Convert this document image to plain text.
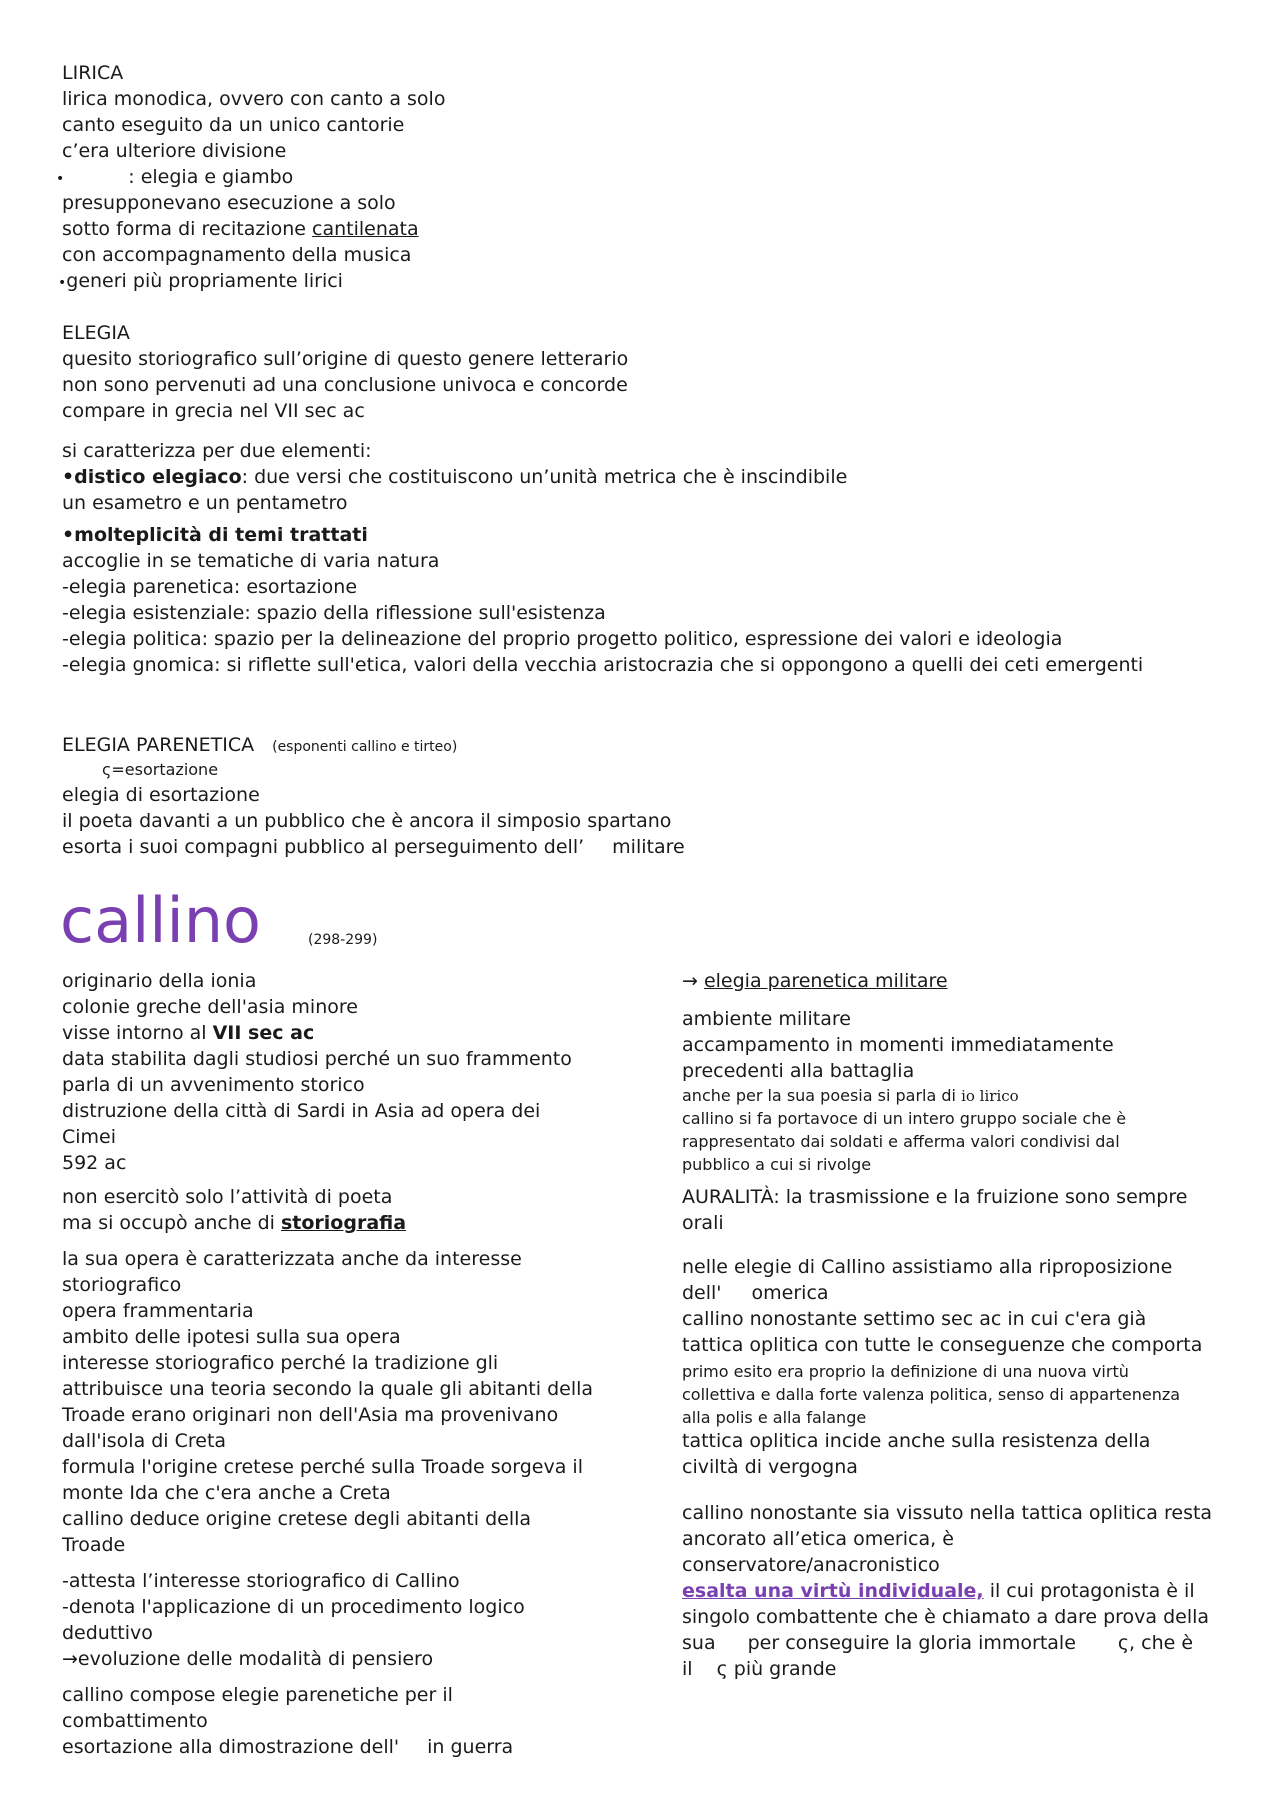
LIRICA
lirica monodica, ovvero con canto a solo
canto eseguito da un unico cantorie
c’era ulteriore divisione
•	: elegia e giambo
presupponevano esecuzione a solo
sotto forma di recitazione cantilenata
con accompagnamento della musica
•generi più propriamente lirici
ELEGIA
quesito storiografico sull’origine di questo genere letterario
non sono pervenuti ad una conclusione univoca e concorde
compare in grecia nel VII sec ac
si caratterizza per due elementi:
•distico elegiaco: due versi che costituiscono un’unità metrica che è inscindibile
un esametro e un pentametro
•molteplicità di temi trattati
accoglie in se tematiche di varia natura
-elegia parenetica: esortazione
-elegia esistenziale: spazio della riflessione sull'esistenza
-elegia politica: spazio per la delineazione del proprio progetto politico, espressione dei valori e ideologia
-elegia gnomica: si riflette sull'etica, valori della vecchia aristocrazia che si oppongono a quelli dei ceti emergenti
ELEGIA PARENETICA (esponenti callino e tirteo)
ς=esortazione
elegia di esortazione
il poeta davanti a un pubblico che è ancora il simposio spartano
esorta i suoi compagni pubblico al perseguimento dell’ militare
callino	(298-299)
originario della ionia
colonie greche dell'asia minore
visse intorno al VII sec ac
data stabilita dagli studiosi perché un suo frammento
parla di un avvenimento storico
distruzione della città di Sardi in Asia ad opera dei
Cimei
592 ac
non esercitò solo l’attività di poeta
ma si occupò anche di storiografia
la sua opera è caratterizzata anche da interesse
storiografico
opera frammentaria
ambito delle ipotesi sulla sua opera
interesse storiografico perché la tradizione gli
attribuisce una teoria secondo la quale gli abitanti della
Troade erano originari non dell'Asia ma provenivano
dall'isola di Creta
formula l'origine cretese perché sulla Troade sorgeva il
monte Ida che c'era anche a Creta
callino deduce origine cretese degli abitanti della
Troade
-attesta l’interesse storiografico di Callino
-denota l'applicazione di un procedimento logico
deduttivo
→evoluzione delle modalità di pensiero
callino compose elegie parenetiche per il
combattimento
esortazione alla dimostrazione dell' in guerra
→ elegia parenetica militare
ambiente militare
accampamento in momenti immediatamente
precedenti alla battaglia
anche per la sua poesia si parla di io lirico
callino si fa portavoce di un intero gruppo sociale che è
rappresentato dai soldati e afferma valori condivisi dal
pubblico a cui si rivolge
AURALITÀ: la trasmissione e la fruizione sono sempre
orali
nelle elegie di Callino assistiamo alla riproposizione
dell' omerica
callino nonostante settimo sec ac in cui c'era già
tattica oplitica con tutte le conseguenze che comporta
primo esito era proprio la definizione di una nuova virtù
collettiva e dalla forte valenza politica, senso di appartenenza
alla polis e alla falange
tattica oplitica incide anche sulla resistenza della
civiltà di vergogna
callino nonostante sia vissuto nella tattica oplitica resta
ancorato all’etica omerica, è
conservatore/anacronistico
esalta una virtù individuale, il cui protagonista è il
singolo combattente che è chiamato a dare prova della
sua per conseguire la gloria immortale ς, che è
il ς più grande
